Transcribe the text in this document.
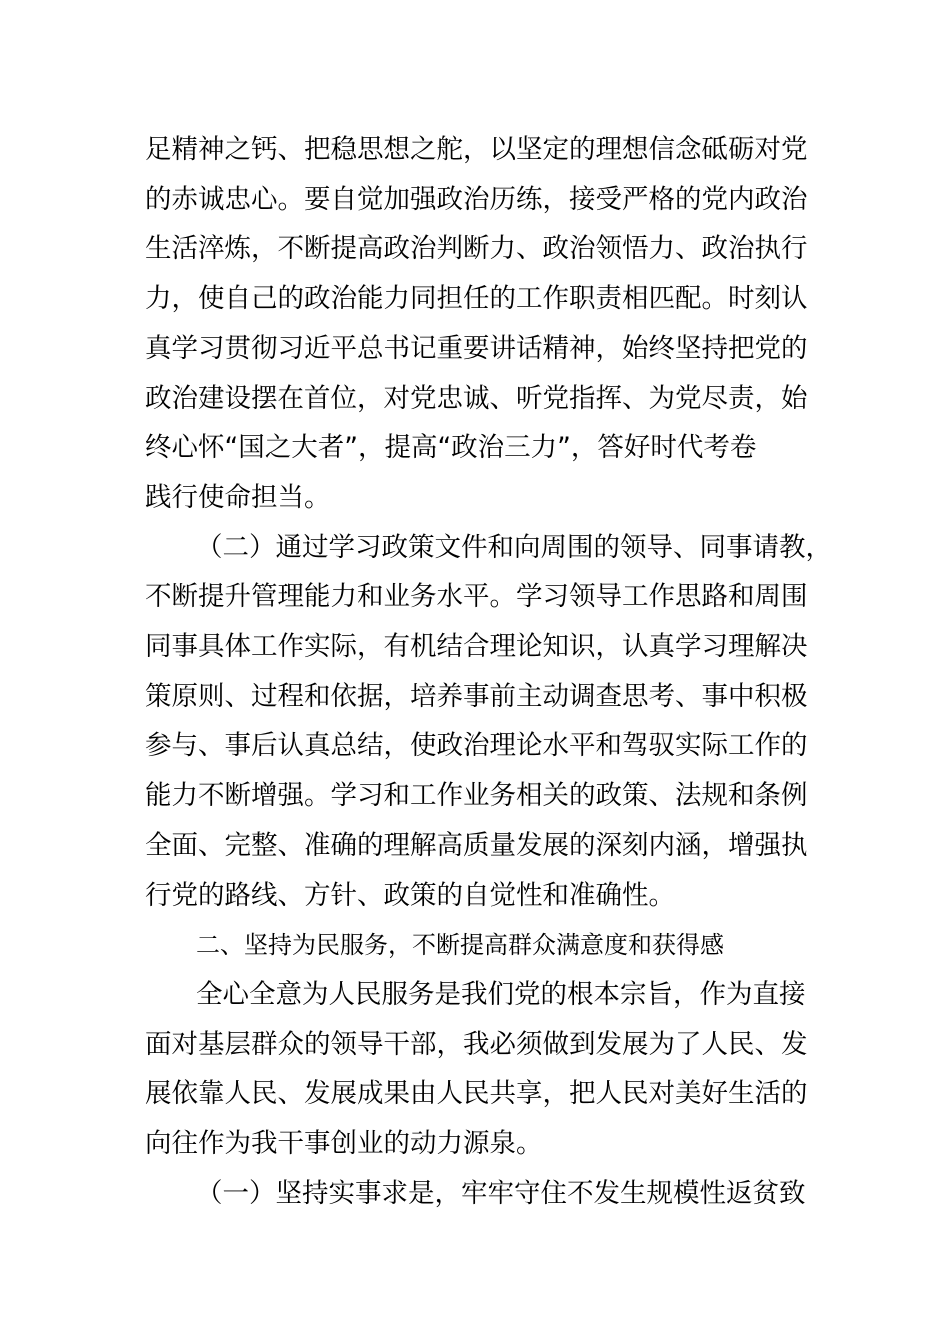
足精神之钙、把稳思想之舵，以坚定的理想信念砥砺对党
的赤诚忠心。要自觉加强政治历练，接受严格的党内政治
生活淬炼，不断提高政治判断力、政治领悟力、政治执行
力，使自己的政治能力同担任的工作职责相匹配。时刻认
真学习贯彻习近平总书记重要讲话精神，始终坚持把党的
政治建设摆在首位，对党忠诚、听党指挥、为党尽责，始
终心怀“国之大者”，提高“政治三力”，答好时代考卷
践行使命担当。
（二）通过学习政策文件和向周围的领导、同事请教，
不断提升管理能力和业务水平。学习领导工作思路和周围
同事具体工作实际，有机结合理论知识，认真学习理解决
策原则、过程和依据，培养事前主动调查思考、事中积极
参与、事后认真总结，使政治理论水平和驾驭实际工作的
能力不断增强。学习和工作业务相关的政策、法规和条例
全面、完整、准确的理解高质量发展的深刻内涵，增强执
行党的路线、方针、政策的自觉性和准确性。
二、坚持为民服务，不断提高群众满意度和获得感
全心全意为人民服务是我们党的根本宗旨，作为直接
面对基层群众的领导干部，我必须做到发展为了人民、发
展依靠人民、发展成果由人民共享，把人民对美好生活的
向往作为我干事创业的动力源泉。
（一）坚持实事求是，牢牢守住不发生规模性返贫致
